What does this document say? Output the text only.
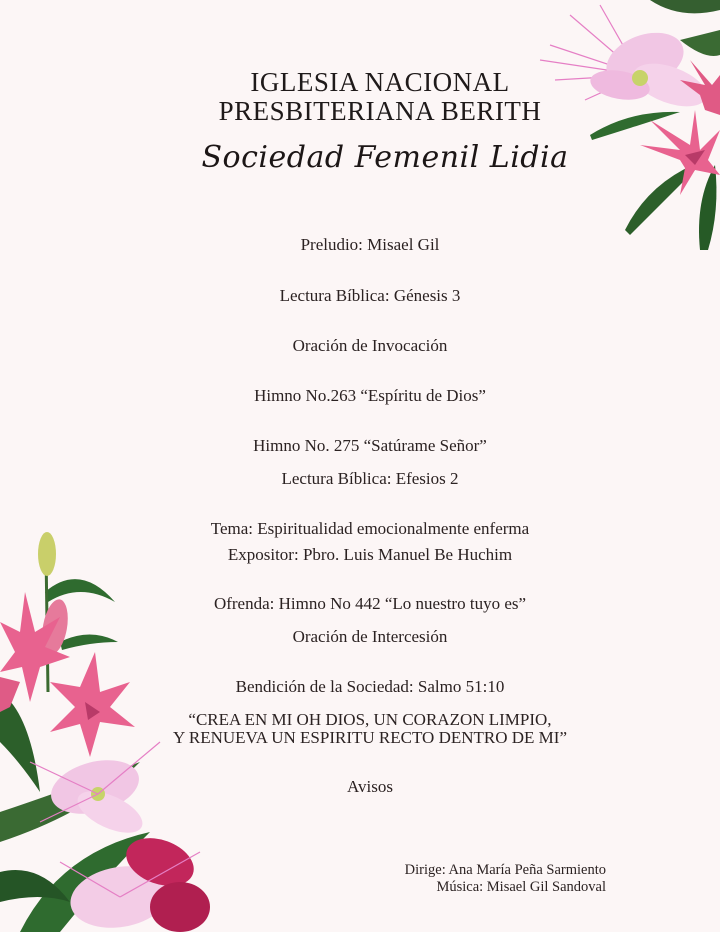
IGLESIA NACIONAL
PRESBITERIANA BERITH
Sociedad Femenil Lidia
Preludio: Misael Gil
Lectura Bíblica: Génesis 3
Oración de Invocación
Himno No.263 “Espíritu de Dios”
Himno No. 275 “Satúrame Señor”
Lectura Bíblica: Efesios 2
Tema: Espiritualidad emocionalmente enferma
Expositor: Pbro. Luis Manuel Be Huchim
Ofrenda: Himno No 442 “Lo nuestro tuyo es”
Oración de Intercesión
Bendición de la Sociedad: Salmo 51:10
“CREA EN MI OH DIOS, UN CORAZON LIMPIO,
Y RENUEVA UN ESPIRITU RECTO DENTRO DE MI”
Avisos
Dirige: Ana María Peña Sarmiento
Música: Misael Gil Sandoval
